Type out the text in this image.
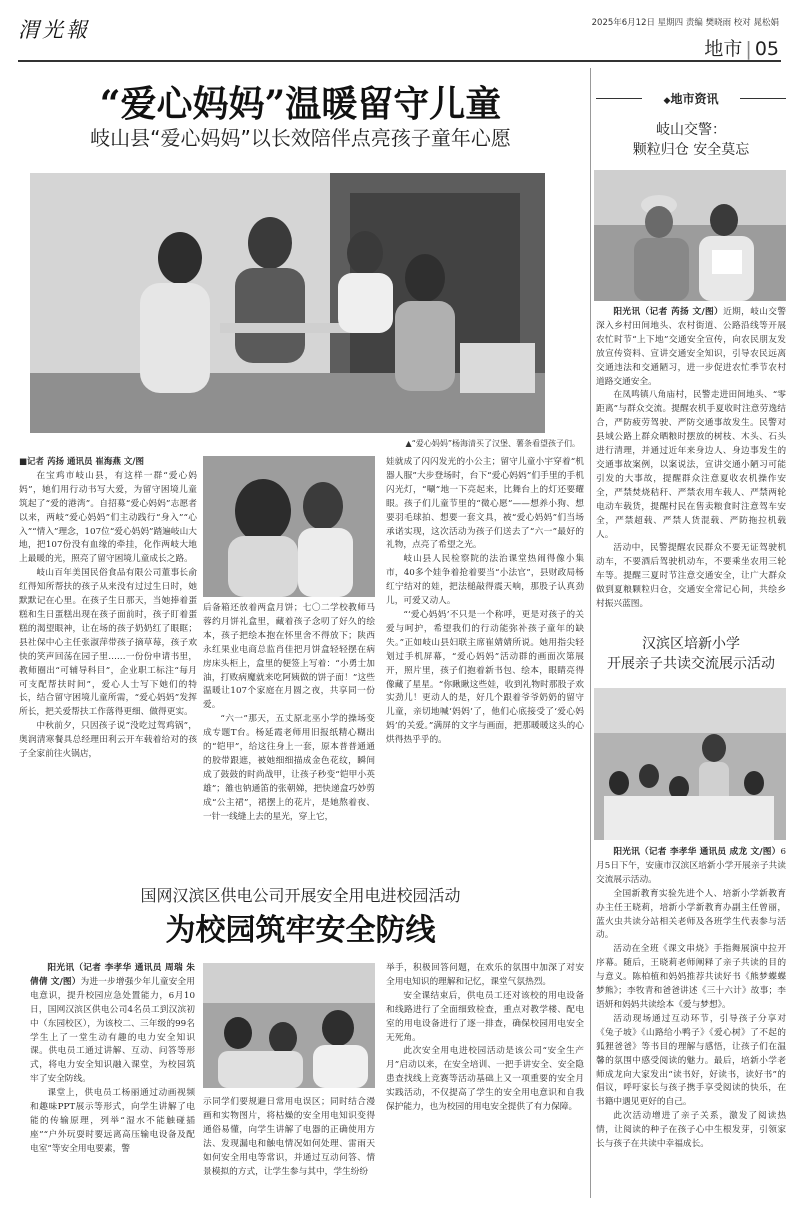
渭光報	2025年6月12日 星期四 责编 樊晓雨 校对 晁松娟
地市 | 05
“爱心妈妈”温暖留守儿童
岐山县“爱心妈妈”以长效陪伴点亮孩子童年心愿
▲“爱心妈妈”杨海清买了汉堡、薯条看望孩子们。

■记者 芮扬 通讯员 崔海燕 文/图

在宝鸡市岐山县，有这样一群“爱心妈妈”，她们用行动书写大爱，为留守困境儿童筑起了“爱的港湾”。自招募“爱心妈妈”志愿者以来，两岐“爱心妈妈”们主动践行“身入”“心入”“情入”理念，107位“爱心妈妈”踏遍岐山大地，把107份没有血缘的牵挂，化作两岐大地上最暖的光，照亮了留守困境儿童成长之路。

岐山百年美国民俗食品有限公司董事长俞红得知所帮扶的孩子从来没有过过生日时，她默默记在心里。在孩子生日那天，当她捧着蛋糕和生日蛋糕出现在孩子面前时，孩子盯着蛋糕的渴望眼神，让在场的孩子奶奶红了眼眶；县社保中心主任张淑萍带孩子摘草莓，孩子欢快的笑声回荡在园子里……一份份申请书里，教师圈出“可辅导科目”，企业职工标注“每月可支配帮扶时间”，爱心人士写下她们的特长，结合留守困境儿童所需，“爱心妈妈”发挥所长，把关爱帮扶工作落得更细、做得更实。

中秋前夕，只因孩子说“没吃过驾鸡锅”，奥润清寒餐具总经理田利云开车载着给对的孩子全家前往火锅店，

后备箱还放着两盒月饼；七〇二学校教师马蓉约月饼礼盒里，藏着孩子念叨了好久的绘本，孩子把绘本抱在怀里舍不得放下；陕西永红果业电商总监肖佳把月饼盒轻轻摆在病房床头柜上，盒里的便签上写着：“小勇士加油，打败病魔就来吃阿姨做的饼子面！”这些温暖让107个家庭在月圆之夜，共享同一份爱。

“六一”那天，五丈原北巫小学的操场变成专题T台。杨延霞老师用旧报纸精心糊出的“铠甲”，给这往身上一套，原本普普通通的胶带跟遮，被她细细描成金色花纹，瞬间成了鼓鼓的时尚战甲，让孩子秒变“铠甲小英雄”；雒也钠通笛的张朝娣，把快递盒巧妙剪成“公主裙”，裙摆上的花片，是她熬着夜、一针一线缝上去的星光，穿上它，

娃就成了闪闪发光的小公主；留守儿童小宇穿着“机器人服”大步登场时，台下“爱心妈妈”们手里的手机闪光灯，“唰”地一下亮起来，比舞台上的灯还要耀眼。孩子们儿童节里的“微心愿”——想养小狗、想要羽毛球拍、想要一套文具，被“爱心妈妈”们当场承诺实现，这次活动为孩子们送去了“六一”最好的礼物，点亮了希望之光。

岐山县人民检察院的法治课堂热闹得像小集市，40多个娃争着抢着要当“小法官”，县财政局杨红宁结对的娃，把法槌敲得震天响，那股子认真劲儿，可爱又动人。

“‘爱心妈妈’不只是一个称呼，更是对孩子的关爱与呵护，希望我们的行动能弥补孩子童年的缺失。”正如岐山县妇联主席崔婧婧所说。她用指尖轻划过手机屏幕，“爱心妈妈”活动群的画面次第展开，照片里，孩子们抱着新书包、绘本，眼睛亮得像藏了星星。“你瞅瞅这些娃，收到礼物时那股子欢实劲儿！更动人的是，好几个跟着爷爷奶奶的留守儿童，亲切地喊‘妈妈’了，他们心底接受了‘爱心妈妈’的关爱。”满屏的文字与画面，把那暖暖这头的心烘得热乎乎的。

国网汉滨区供电公司开展安全用电进校园活动
为校园筑牢安全防线

阳光讯（记者 李孝华 通讯员 周瑞 朱倩倩 文/图）为进一步增强少年儿童安全用电意识，提升校园应急处置能力，6月10日，国网汉滨区供电公司4名员工到汉滨初中（东园校区），为该校二、三年级的99名学生上了一堂生动有趣的电力安全知识课。供电员工通过讲解、互动、问答等形式，将电力安全知识融入课堂，为校园筑牢了安全防线。

课堂上，供电员工杨丽通过动画视频和趣味PPT展示等形式，向学生讲解了电能的传输原理，列举“湿水不能触碰插座”“户外玩耍时要远离高压输电设备及配电室”等安全用电要素，警

示同学们要规避日常用电误区；同时结合漫画和实物图片，将枯燥的安全用电知识变得通俗易懂，向学生讲解了电器的正确使用方法、发现漏电和触电情况如何处理、雷雨天如何安全用电等常识，并通过互动问答、情景模拟的方式，让学生参与其中，学生纷纷

举手，积极回答问题，在欢乐的氛围中加深了对安全用电知识的理解和记忆，课堂气氛热烈。

安全课结束后，供电员工还对该校的用电设备和线路进行了全面细致检查，重点对教学楼、配电室的用电设备进行了逐一排查，确保校园用电安全无死角。

此次安全用电进校园活动是该公司“安全生产月”启动以来，在安全培训、一把手讲安全、安全隐患查找线上竞赛等活动基础上又一项重要的安全月实践活动，不仅提高了学生的安全用电意识和自我保护能力，也为校园的用电安全提供了有力保障。

◆地市资讯
岐山交警：
颗粒归仓 安全莫忘

阳光讯（记者 芮扬 文/图）近期，岐山交警深入乡村田间地头、农村街道、公路沿线等开展农忙时节“上下地”交通安全宣传，向农民朋友发放宣传资料、宣讲交通安全知识，引导农民远离交通违法和交通陋习，进一步促进农忙季节农村道路交通安全。

在凤鸣镇八角庙村，民警走进田间地头、“零距离”与群众交流。提醒农机手夏收时注意劳逸结合，严防疲劳驾驶、严防交通事故发生。民警对县域公路上群众晒粮时摆放的树枝、木头、石头进行清理，并通过近年来身边人、身边事发生的交通事故案例，以案说法，宣讲交通小陋习可能引发的大事故，提醒群众注意夏收农机操作安全，严禁焚烧秸秆、严禁农用车载人、严禁两轮电动车载货，提醒村民在售卖粮食时注意驾车安全，严禁超载、严禁人货混载、严防拖拉机载人。

活动中，民警提醒农民群众不要无证驾驶机动车，不要酒后驾驶机动车，不要乘坐农用三轮车等。提醒三夏时节注意交通安全，让广大群众做到夏粮颗粒归仓，交通安全常记心间，共绘乡村振兴蓝图。

汉滨区培新小学
开展亲子共读交流展示活动

阳光讯（记者 李孝华 通讯员 成龙 文/图）6月5日下午，安康市汉滨区培新小学开展亲子共读交流展示活动。

全国新教育实验先进个人、培新小学新教育办主任王晓莉，培新小学新教育办副主任曾丽，蓝火虫共读分站相关老师及各班学生代表参与活动。

活动在全班《课文串烧》手指舞展演中拉开序幕。随后，王晓莉老师阐释了亲子共读的目的与意义。陈柏植和妈妈推荐共读好书《熊梦蝶蝶梦熊》；李牧青和爸爸讲述《三十六计》故事；李语妍和妈妈共读绘本《爱与梦想》。

活动现场通过互动环节，引导孩子分享对《兔子坡》《山路给小鸭子》《爱心树》了不起的狐狸爸爸》等书目的理解与感悟，让孩子们在温馨的氛围中感受阅读的魅力。最后，培新小学老师成龙向大家发出“读书好，好读书，读好书”的倡议，呼吁家长与孩子携手享受阅读的快乐，在书籍中遇见更好的自己。

此次活动增进了亲子关系，激发了阅读热情，让阅读的种子在孩子心中生根发芽，引领家长与孩子在共读中幸福成长。
